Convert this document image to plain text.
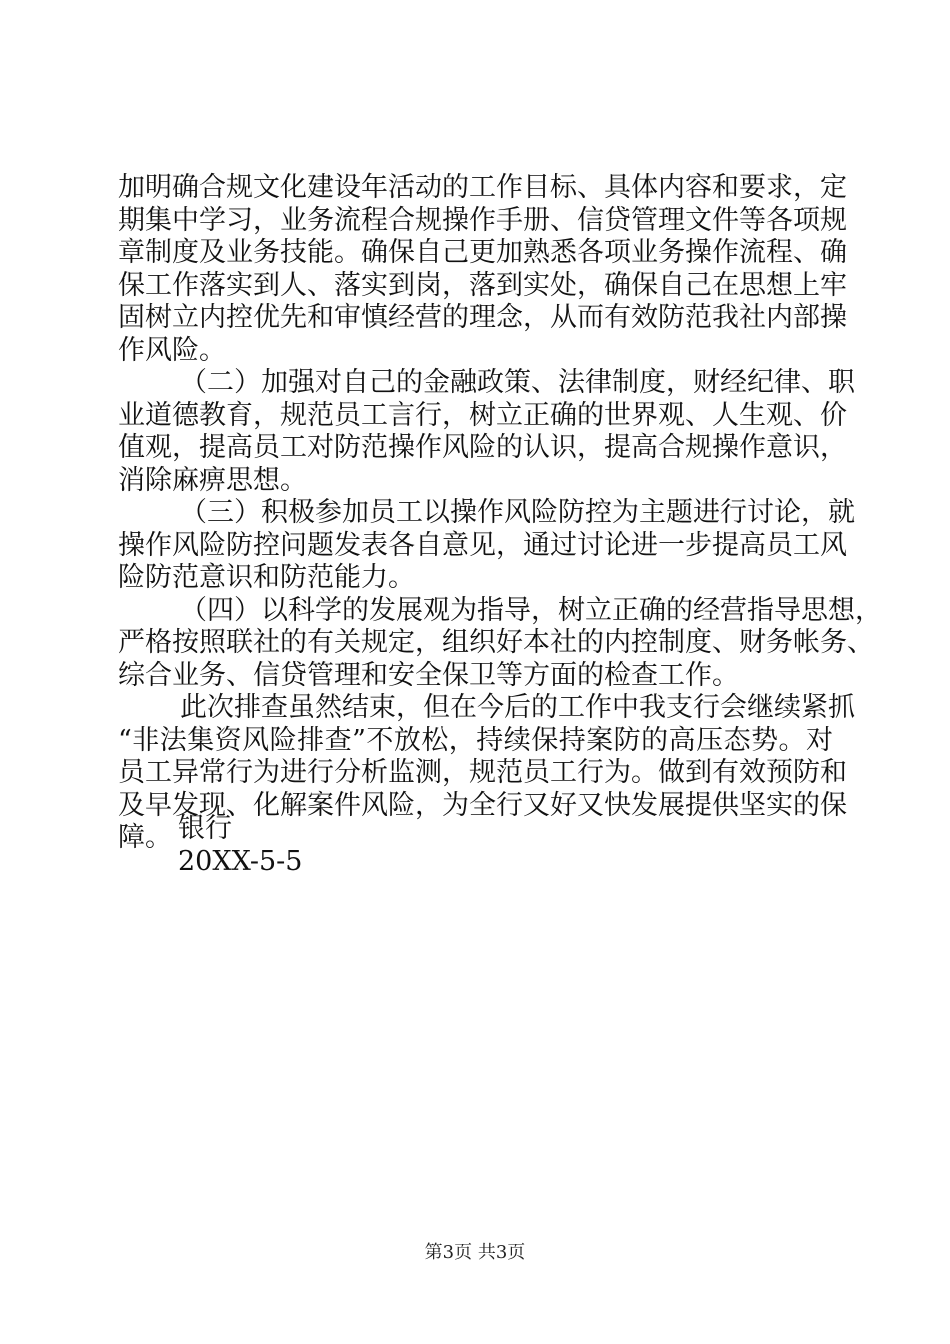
加明确合规文化建设年活动的工作目标、具体内容和要求，定
期集中学习，业务流程合规操作手册、信贷管理文件等各项规
章制度及业务技能。确保自己更加熟悉各项业务操作流程、确
保工作落实到人、落实到岗，落到实处，确保自己在思想上牢
固树立内控优先和审慎经营的理念，从而有效防范我社内部操
作风险。

（二）加强对自己的金融政策、法律制度，财经纪律、职
业道德教育，规范员工言行，树立正确的世界观、人生观、价
值观，提高员工对防范操作风险的认识，提高合规操作意识，
消除麻痹思想。

（三）积极参加员工以操作风险防控为主题进行讨论，就
操作风险防控问题发表各自意见，通过讨论进一步提高员工风
险防范意识和防范能力。

（四）以科学的发展观为指导，树立正确的经营指导思想，
严格按照联社的有关规定，组织好本社的内控制度、财务帐务、
综合业务、信贷管理和安全保卫等方面的检查工作。

此次排查虽然结束，但在今后的工作中我支行会继续紧抓
“非法集资风险排查”不放松，持续保持案防的高压态势。对
员工异常行为进行分析监测，规范员工行为。做到有效预防和
及早发现、化解案件风险，为全行又好又快发展提供坚实的保
障。 银行
20XX-5-5
第3页 共3页
